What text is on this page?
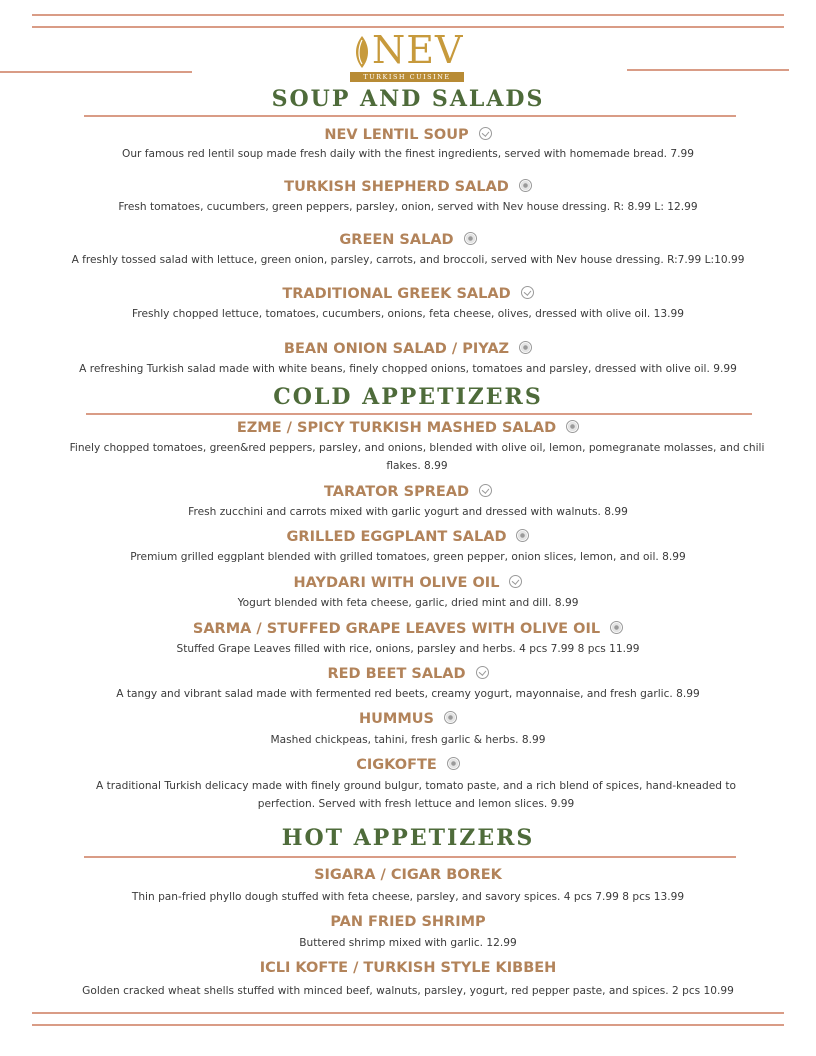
NEV
TURKISH CUISINE
SOUP AND SALADS
NEV LENTIL SOUP
Our famous red lentil soup made fresh daily with the finest ingredients, served with homemade bread. 7.99
TURKISH SHEPHERD SALAD
Fresh tomatoes, cucumbers, green peppers, parsley, onion, served with Nev house dressing. R: 8.99 L: 12.99
GREEN SALAD
A freshly tossed salad with lettuce, green onion, parsley, carrots, and broccoli, served with Nev house dressing. R:7.99 L:10.99
TRADITIONAL GREEK SALAD
Freshly chopped lettuce, tomatoes, cucumbers, onions, feta cheese, olives, dressed with olive oil. 13.99
BEAN ONION SALAD / PIYAZ
A refreshing Turkish salad made with white beans, finely chopped onions, tomatoes and parsley, dressed with olive oil. 9.99
COLD APPETIZERS
EZME / SPICY TURKISH MASHED SALAD
Finely chopped tomatoes, green&red peppers, parsley, and onions, blended with olive oil, lemon, pomegranate molasses, and chili flakes. 8.99
TARATOR SPREAD
Fresh zucchini and carrots mixed with garlic yogurt and dressed with walnuts. 8.99
GRILLED EGGPLANT SALAD
Premium grilled eggplant blended with grilled tomatoes, green pepper, onion slices, lemon, and oil. 8.99
HAYDARI WITH OLIVE OIL
Yogurt blended with feta cheese, garlic, dried mint and dill. 8.99
SARMA / STUFFED GRAPE LEAVES WITH OLIVE OIL
Stuffed Grape Leaves filled with rice, onions, parsley and herbs. 4 pcs 7.99 8 pcs 11.99
RED BEET SALAD
A tangy and vibrant salad made with fermented red beets, creamy yogurt, mayonnaise, and fresh garlic. 8.99
HUMMUS
Mashed chickpeas, tahini, fresh garlic & herbs. 8.99
CIGKOFTE
A traditional Turkish delicacy made with finely ground bulgur, tomato paste, and a rich blend of spices, hand-kneaded to perfection. Served with fresh lettuce and lemon slices. 9.99
HOT APPETIZERS
SIGARA / CIGAR BOREK
Thin pan-fried phyllo dough stuffed with feta cheese, parsley, and savory spices. 4 pcs 7.99 8 pcs 13.99
PAN FRIED SHRIMP
Buttered shrimp mixed with garlic. 12.99
ICLI KOFTE / TURKISH STYLE KIBBEH
Golden cracked wheat shells stuffed with minced beef, walnuts, parsley, yogurt, red pepper paste, and spices. 2 pcs 10.99
